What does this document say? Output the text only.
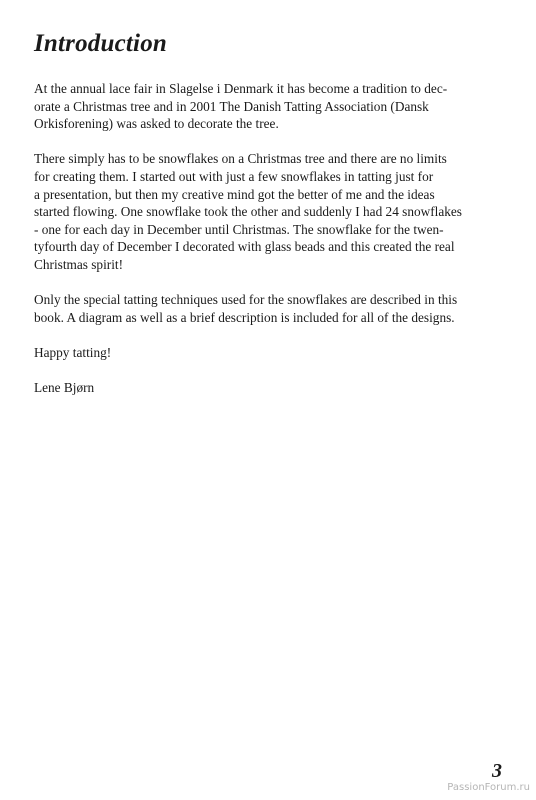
Introduction

At the annual lace fair in Slagelse i Denmark it has become a tradition to dec-
orate a Christmas tree and in 2001 The Danish Tatting Association (Dansk
Orkisforening) was asked to decorate the tree.

There simply has to be snowflakes on a Christmas tree and there are no limits
for creating them. I started out with just a few snowflakes in tatting just for
a presentation, but then my creative mind got the better of me and the ideas
started flowing. One snowflake took the other and suddenly I had 24 snowflakes
- one for each day in December until Christmas. The snowflake for the twen-
tyfourth day of December I decorated with glass beads and this created the real
Christmas spirit!

Only the special tatting techniques used for the snowflakes are described in this
book. A diagram as well as a brief description is included for all of the designs.

Happy tatting!

Lene Bjørn

3
PassionForum.ru
